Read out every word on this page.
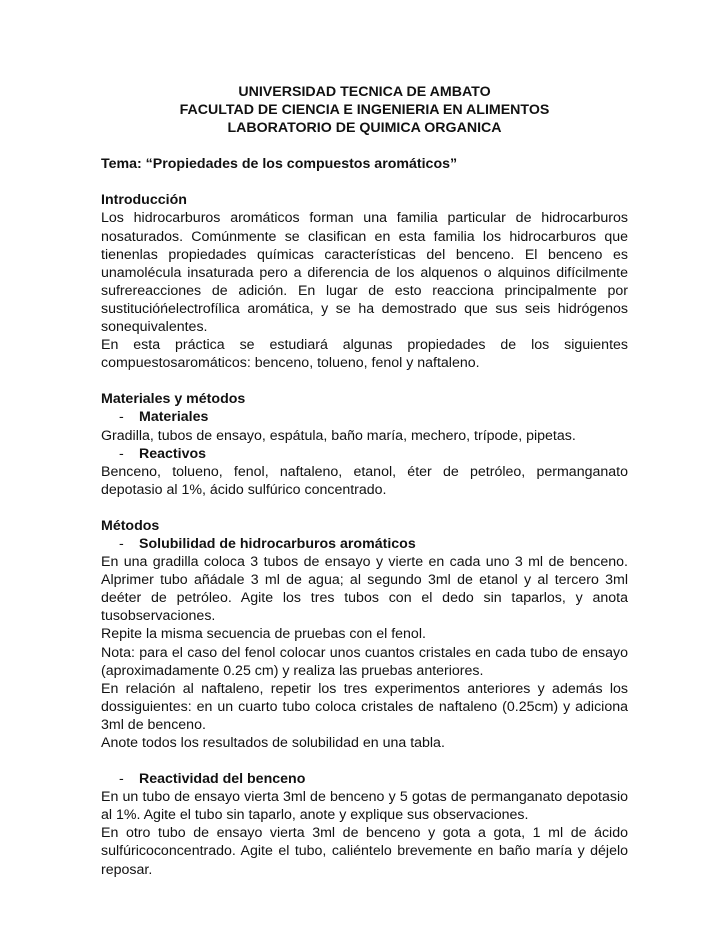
UNIVERSIDAD TECNICA DE AMBATO
FACULTAD DE CIENCIA E INGENIERIA EN ALIMENTOS
LABORATORIO DE QUIMICA ORGANICA
Tema: “Propiedades de los compuestos aromáticos”
Introducción

Los hidrocarburos aromáticos forman una familia particular de hidrocarburos nosaturados. Comúnmente se clasifican en esta familia los hidrocarburos que tienenlas propiedades químicas características del benceno. El benceno es unamolécula insaturada pero a diferencia de los alquenos o alquinos difícilmente sufrereacciones de adición. En lugar de esto reacciona principalmente por sustitucióńelectrofílica aromática, y se ha demostrado que sus seis hidrógenos sonequivalentes.

En esta práctica se estudiará algunas propiedades de los siguientes compuestosaromáticos: benceno, tolueno, fenol y naftaleno.

Materiales y métodos
- Materiales

Gradilla, tubos de ensayo, espátula, baño maría, mechero, trípode, pipetas.

- Reactivos

Benceno, tolueno, fenol, naftaleno, etanol, éter de petróleo, permanganato depotasio al 1%, ácido sulfúrico concentrado.

Métodos
- Solubilidad de hidrocarburos aromáticos

En una gradilla coloca 3 tubos de ensayo y vierte en cada uno 3 ml de benceno. Alprimer tubo añádale 3 ml de agua; al segundo 3ml de etanol y al tercero 3ml deéter de petróleo. Agite los tres tubos con el dedo sin taparlos, y anota tusobservaciones.

Repite la misma secuencia de pruebas con el fenol.

Nota: para el caso del fenol colocar unos cuantos cristales en cada tubo de ensayo (aproximadamente 0.25 cm) y realiza las pruebas anteriores.

En relación al naftaleno, repetir los tres experimentos anteriores y además los dossiguientes: en un cuarto tubo coloca cristales de naftaleno (0.25cm) y adiciona 3ml de benceno.

Anote todos los resultados de solubilidad en una tabla.

- Reactividad del benceno

En un tubo de ensayo vierta 3ml de benceno y 5 gotas de permanganato depotasio al 1%. Agite el tubo sin taparlo, anote y explique sus observaciones.

En otro tubo de ensayo vierta 3ml de benceno y gota a gota, 1 ml de ácido sulfúricoconcentrado. Agite el tubo, caliéntelo brevemente en baño maría y déjelo reposar.
